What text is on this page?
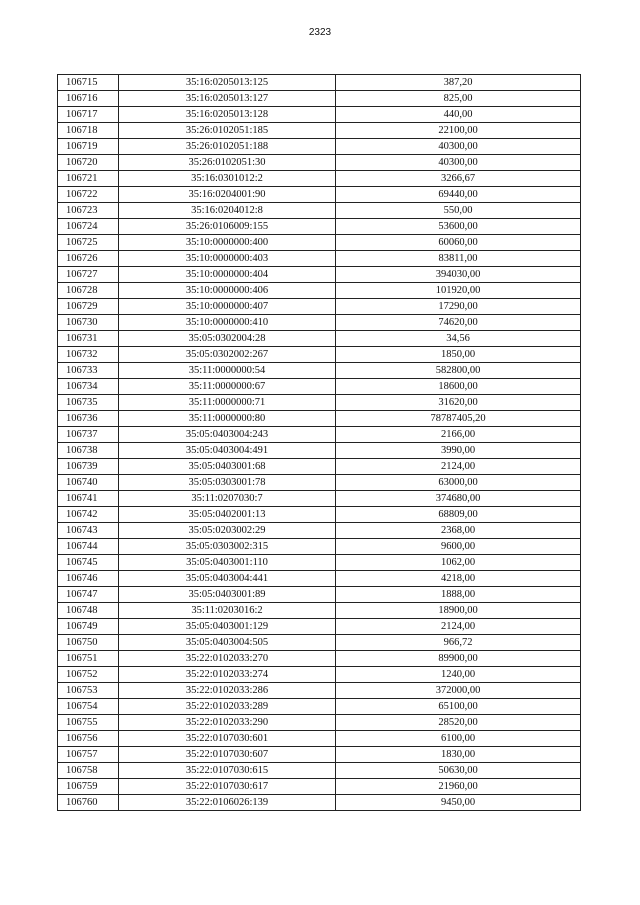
2323
106715	35:16:0205013:125	387,20
106716	35:16:0205013:127	825,00
106717	35:16:0205013:128	440,00
106718	35:26:0102051:185	22100,00
106719	35:26:0102051:188	40300,00
106720	35:26:0102051:30	40300,00
106721	35:16:0301012:2	3266,67
106722	35:16:0204001:90	69440,00
106723	35:16:0204012:8	550,00
106724	35:26:0106009:155	53600,00
106725	35:10:0000000:400	60060,00
106726	35:10:0000000:403	83811,00
106727	35:10:0000000:404	394030,00
106728	35:10:0000000:406	101920,00
106729	35:10:0000000:407	17290,00
106730	35:10:0000000:410	74620,00
106731	35:05:0302004:28	34,56
106732	35:05:0302002:267	1850,00
106733	35:11:0000000:54	582800,00
106734	35:11:0000000:67	18600,00
106735	35:11:0000000:71	31620,00
106736	35:11:0000000:80	78787405,20
106737	35:05:0403004:243	2166,00
106738	35:05:0403004:491	3990,00
106739	35:05:0403001:68	2124,00
106740	35:05:0303001:78	63000,00
106741	35:11:0207030:7	374680,00
106742	35:05:0402001:13	68809,00
106743	35:05:0203002:29	2368,00
106744	35:05:0303002:315	9600,00
106745	35:05:0403001:110	1062,00
106746	35:05:0403004:441	4218,00
106747	35:05:0403001:89	1888,00
106748	35:11:0203016:2	18900,00
106749	35:05:0403001:129	2124,00
106750	35:05:0403004:505	966,72
106751	35:22:0102033:270	89900,00
106752	35:22:0102033:274	1240,00
106753	35:22:0102033:286	372000,00
106754	35:22:0102033:289	65100,00
106755	35:22:0102033:290	28520,00
106756	35:22:0107030:601	6100,00
106757	35:22:0107030:607	1830,00
106758	35:22:0107030:615	50630,00
106759	35:22:0107030:617	21960,00
106760	35:22:0106026:139	9450,00
